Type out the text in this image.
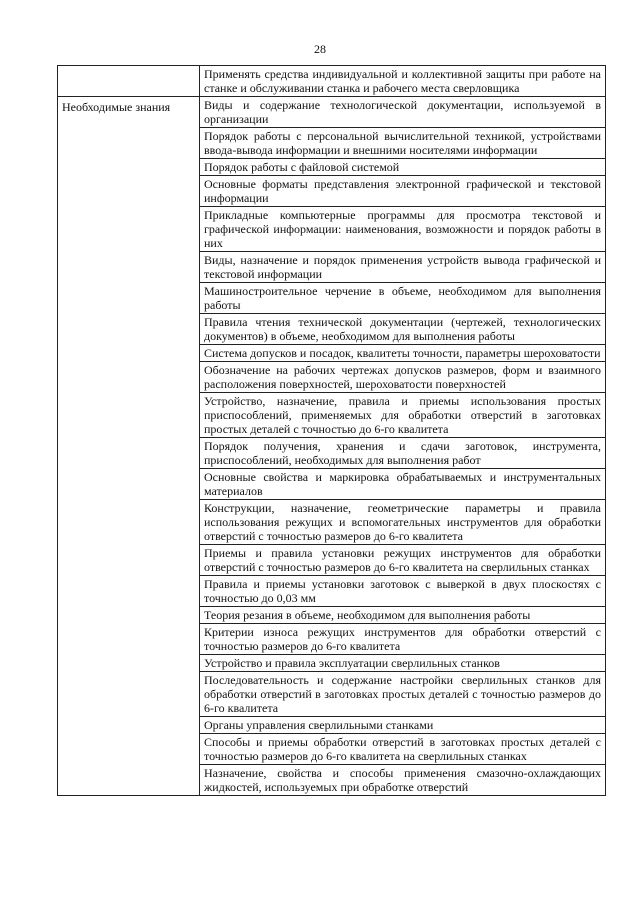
28
	Применять средства индивидуальной и коллективной защиты при работе на станке и обслуживании станка и рабочего места сверловщика
Необходимые знания	Виды и содержание технологической документации, используемой в организации
	Порядок работы с персональной вычислительной техникой, устройствами ввода-вывода информации и внешними носителями информации
	Порядок работы с файловой системой
	Основные форматы представления электронной графической и текстовой информации
	Прикладные компьютерные программы для просмотра текстовой и графической информации: наименования, возможности и порядок работы в них
	Виды, назначение и порядок применения устройств вывода графической и текстовой информации
	Машиностроительное черчение в объеме, необходимом для выполнения работы
	Правила чтения технической документации (чертежей, технологических документов) в объеме, необходимом для выполнения работы
	Система допусков и посадок, квалитеты точности, параметры шероховатости
	Обозначение на рабочих чертежах допусков размеров, форм и взаимного расположения поверхностей, шероховатости поверхностей
	Устройство, назначение, правила и приемы использования простых приспособлений, применяемых для обработки отверстий в заготовках простых деталей с точностью до 6-го квалитета
	Порядок получения, хранения и сдачи заготовок, инструмента, приспособлений, необходимых для выполнения работ
	Основные свойства и маркировка обрабатываемых и инструментальных материалов
	Конструкции, назначение, геометрические параметры и правила использования режущих и вспомогательных инструментов для обработки отверстий с точностью размеров до 6-го квалитета
	Приемы и правила установки режущих инструментов для обработки отверстий с точностью размеров до 6-го квалитета на сверлильных станках
	Правила и приемы установки заготовок с выверкой в двух плоскостях с точностью до 0,03 мм
	Теория резания в объеме, необходимом для выполнения работы
	Критерии износа режущих инструментов для обработки отверстий с точностью размеров до 6-го квалитета
	Устройство и правила эксплуатации сверлильных станков
	Последовательность и содержание настройки сверлильных станков для обработки отверстий в заготовках простых деталей с точностью размеров до 6-го квалитета
	Органы управления сверлильными станками
	Способы и приемы обработки отверстий в заготовках простых деталей с точностью размеров до 6-го квалитета на сверлильных станках
	Назначение, свойства и способы применения смазочно-охлаждающих жидкостей, используемых при обработке отверстий
